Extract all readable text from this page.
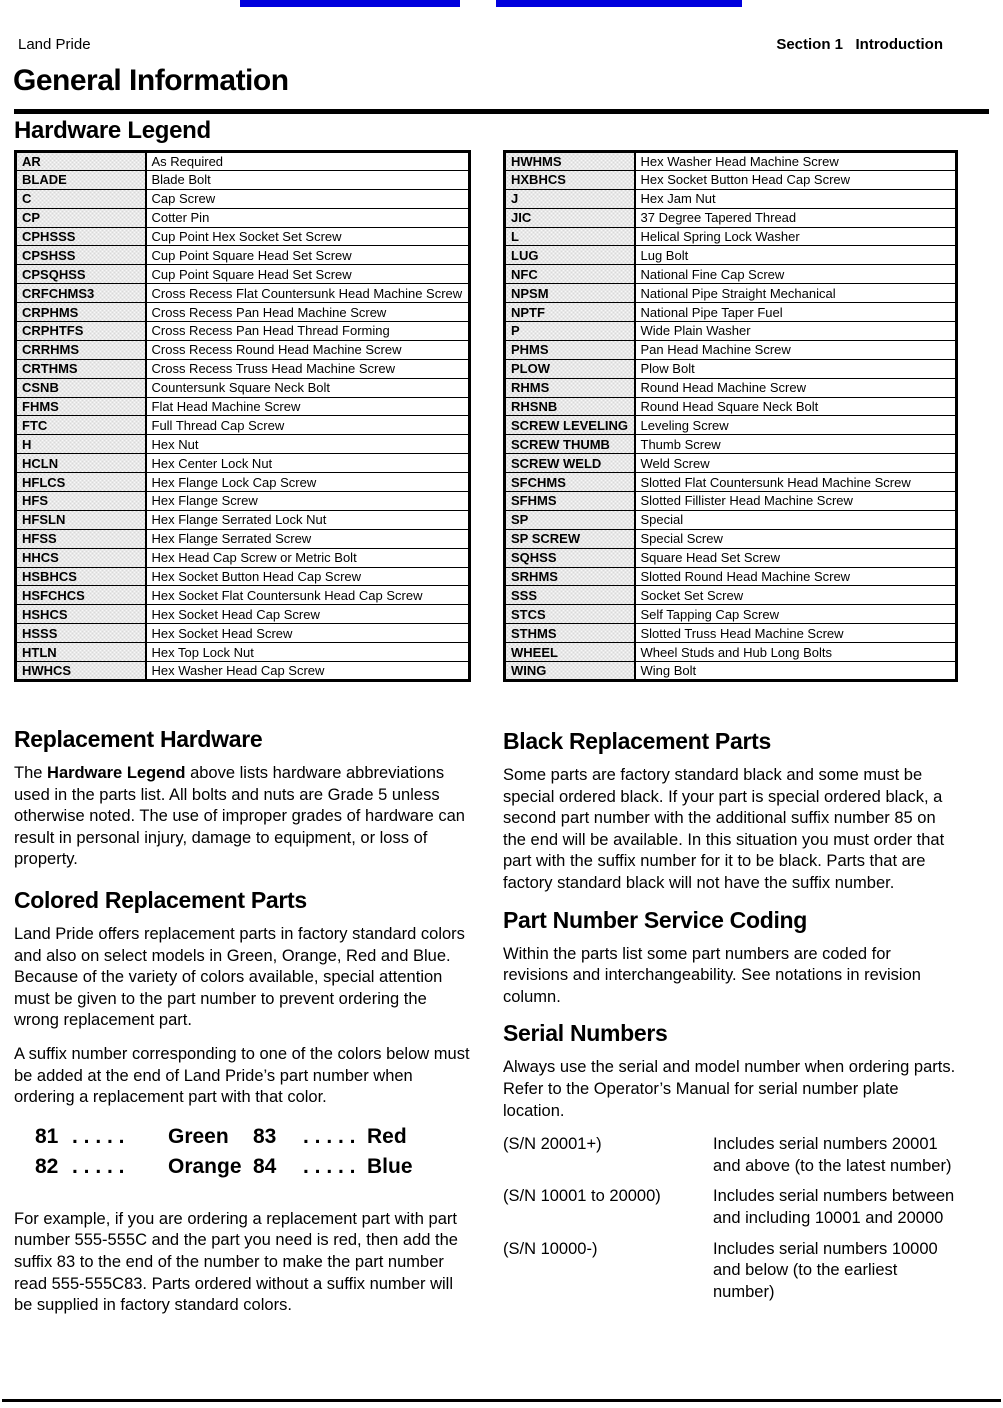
Land Pride	Section 1   Introduction
General Information
Hardware Legend
AR	As Required
BLADE	Blade Bolt
C	Cap Screw
CP	Cotter Pin
CPHSSS	Cup Point Hex Socket Set Screw
CPSHSS	Cup Point Square Head Set Screw
CPSQHSS	Cup Point Square Head Set Screw
CRFCHMS3	Cross Recess Flat Countersunk Head Machine Screw
CRPHMS	Cross Recess Pan Head Machine Screw
CRPHTFS	Cross Recess Pan Head Thread Forming
CRRHMS	Cross Recess Round Head Machine Screw
CRTHMS	Cross Recess Truss Head Machine Screw
CSNB	Countersunk Square Neck Bolt
FHMS	Flat Head Machine Screw
FTC	Full Thread Cap Screw
H	Hex Nut
HCLN	Hex Center Lock Nut
HFLCS	Hex Flange Lock Cap Screw
HFS	Hex Flange Screw
HFSLN	Hex Flange Serrated Lock Nut
HFSS	Hex Flange Serrated Screw
HHCS	Hex Head Cap Screw or Metric Bolt
HSBHCS	Hex Socket Button Head Cap Screw
HSFCHCS	Hex Socket Flat Countersunk Head Cap Screw
HSHCS	Hex Socket Head Cap Screw
HSSS	Hex Socket Head Screw
HTLN	Hex Top Lock Nut
HWHCS	Hex Washer Head Cap Screw
HWHMS	Hex Washer Head Machine Screw
HXBHCS	Hex Socket Button Head Cap Screw
J	Hex Jam Nut
JIC	37 Degree Tapered Thread
L	Helical Spring Lock Washer
LUG	Lug Bolt
NFC	National Fine Cap Screw
NPSM	National Pipe Straight Mechanical
NPTF	National Pipe Taper Fuel
P	Wide Plain Washer
PHMS	Pan Head Machine Screw
PLOW	Plow Bolt
RHMS	Round Head Machine Screw
RHSNB	Round Head Square Neck Bolt
SCREW LEVELING	Leveling Screw
SCREW THUMB	Thumb Screw
SCREW WELD	Weld Screw
SFCHMS	Slotted Flat Countersunk Head Machine Screw
SFHMS	Slotted Fillister Head Machine Screw
SP	Special
SP SCREW	Special Screw
SQHSS	Square Head Set Screw
SRHMS	Slotted Round Head Machine Screw
SSS	Socket Set Screw
STCS	Self Tapping Cap Screw
STHMS	Slotted Truss Head Machine Screw
WHEEL	Wheel Studs and Hub Long Bolts
WING	Wing Bolt
Replacement Hardware

The Hardware Legend above lists hardware abbreviations used in the parts list. All bolts and nuts are Grade 5 unless otherwise noted. The use of improper grades of hardware can result in personal injury, damage to equipment, or loss of property.

Colored Replacement Parts

Land Pride offers replacement parts in factory standard colors and also on select models in Green, Orange, Red and Blue. Because of the variety of colors available, special attention must be given to the part number to prevent ordering the wrong replacement part.

A suffix number corresponding to one of the colors below must be added at the end of Land Pride’s part number when ordering a replacement part with that color.

81 . . . . .	Green 83	. . . . . Red
82 . . . . .	Orange 84	. . . . . Blue

For example, if you are ordering a replacement part with part number 555-555C and the part you need is red, then add the suffix 83 to the end of the number to make the part number read 555-555C83. Parts ordered without a suffix number will be supplied in factory standard colors.

Black Replacement Parts

Some parts are factory standard black and some must be special ordered black. If your part is special ordered black, a second part number with the additional suffix number 85 on the end will be available. In this situation you must order that part with the suffix number for it to be black. Parts that are factory standard black will not have the suffix number.

Part Number Service Coding

Within the parts list some part numbers are coded for revisions and interchangeability. See notations in revision column.

Serial Numbers

Always use the serial and model number when ordering parts. Refer to the Operator’s Manual for serial number plate location.

(S/N 20001+)	Includes serial numbers 20001 and above (to the latest number)
(S/N 10001 to 20000)	Includes serial numbers between and including 10001 and 20000
(S/N 10000-)	Includes serial numbers 10000 and below (to the earliest number)
